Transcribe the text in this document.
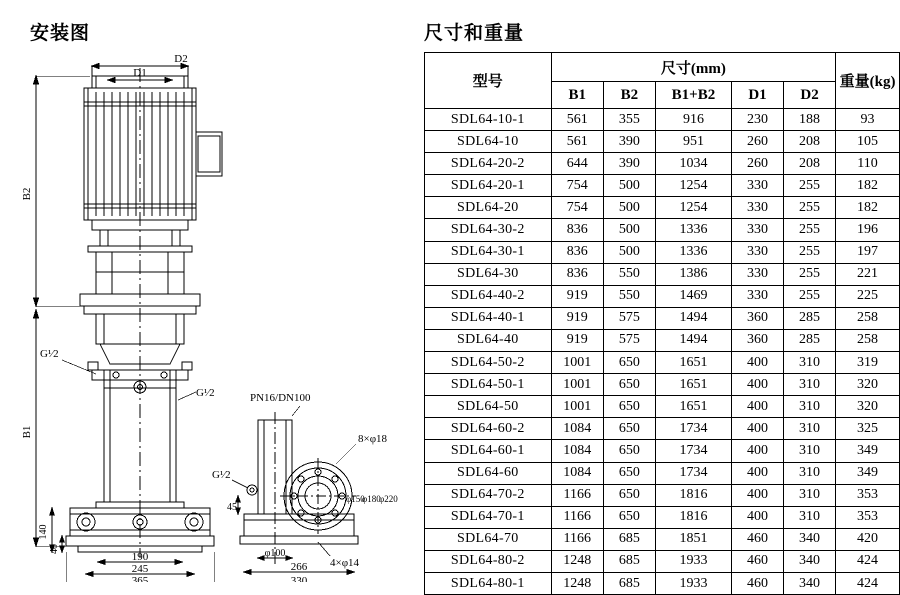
安装图
D2
D1
B2
B1
140
40
190
245
365
G¹⁄2
G¹⁄2
G¹⁄2
PN16/DN100
8×φ18
4×φ14
45
φ100
266
330
φ150
φ180
φ220
尺寸和重量
型号	尺寸(mm)					重量(kg)
	B1	B2	B1+B2	D1	D2	
SDL64-10-1	561	355	916	230	188	93
SDL64-10	561	390	951	260	208	105
SDL64-20-2	644	390	1034	260	208	110
SDL64-20-1	754	500	1254	330	255	182
SDL64-20	754	500	1254	330	255	182
SDL64-30-2	836	500	1336	330	255	196
SDL64-30-1	836	500	1336	330	255	197
SDL64-30	836	550	1386	330	255	221
SDL64-40-2	919	550	1469	330	255	225
SDL64-40-1	919	575	1494	360	285	258
SDL64-40	919	575	1494	360	285	258
SDL64-50-2	1001	650	1651	400	310	319
SDL64-50-1	1001	650	1651	400	310	320
SDL64-50	1001	650	1651	400	310	320
SDL64-60-2	1084	650	1734	400	310	325
SDL64-60-1	1084	650	1734	400	310	349
SDL64-60	1084	650	1734	400	310	349
SDL64-70-2	1166	650	1816	400	310	353
SDL64-70-1	1166	650	1816	400	310	353
SDL64-70	1166	685	1851	460	340	420
SDL64-80-2	1248	685	1933	460	340	424
SDL64-80-1	1248	685	1933	460	340	424
